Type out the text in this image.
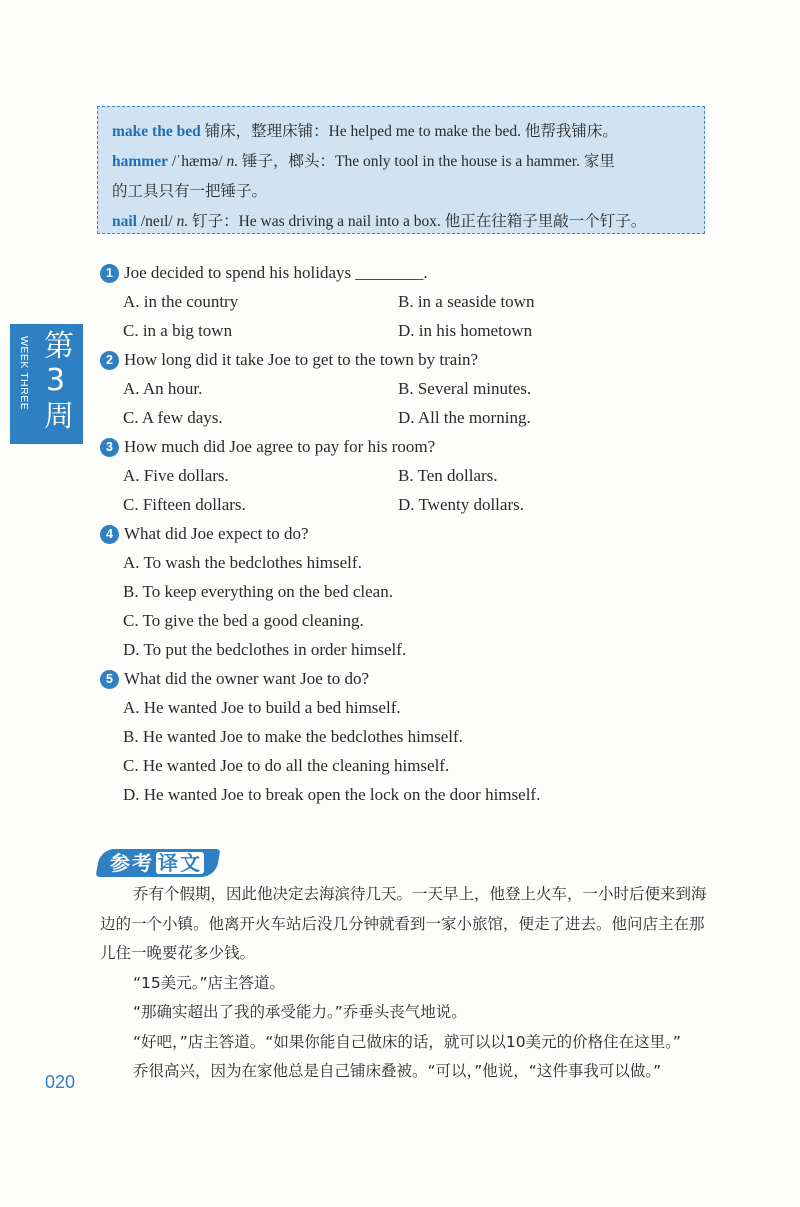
make the bed 铺床，整理床铺：He helped me to make the bed. 他帮我铺床。
hammer /ˈhæmə/ n. 锤子，榔头：The only tool in the house is a hammer. 家里
的工具只有一把锤子。
nail /neɪl/ n. 钉子：He was driving a nail into a box. 他正在往箱子里敲一个钉子。
WEEK THREE 第
3
周
1 Joe decided to spend his holidays ________.
A. in the country	B. in a seaside town
C. in a big town	D. in his hometown
2 How long did it take Joe to get to the town by train?
A. An hour.	B. Several minutes.
C. A few days.	D. All the morning.
3 How much did Joe agree to pay for his room?
A. Five dollars.	B. Ten dollars.
C. Fifteen dollars.	D. Twenty dollars.
4 What did Joe expect to do?
A. To wash the bedclothes himself.
B. To keep everything on the bed clean.
C. To give the bed a good cleaning.
D. To put the bedclothes in order himself.
5 What did the owner want Joe to do?
A. He wanted Joe to build a bed himself.
B. He wanted Joe to make the bedclothes himself.
C. He wanted Joe to do all the cleaning himself.
D. He wanted Joe to break open the lock on the door himself.
参考 译文

乔有个假期，因此他决定去海滨待几天。一天早上，他登上火车，一小时后便来到海边的一个小镇。他离开火车站后没几分钟就看到一家小旅馆，便走了进去。他问店主在那儿住一晚要花多少钱。

“15美元。”店主答道。

“那确实超出了我的承受能力。”乔垂头丧气地说。

“好吧，”店主答道。“如果你能自己做床的话，就可以以10美元的价格住在这里。”

乔很高兴，因为在家他总是自己铺床叠被。“可以，”他说，“这件事我可以做。”

020
